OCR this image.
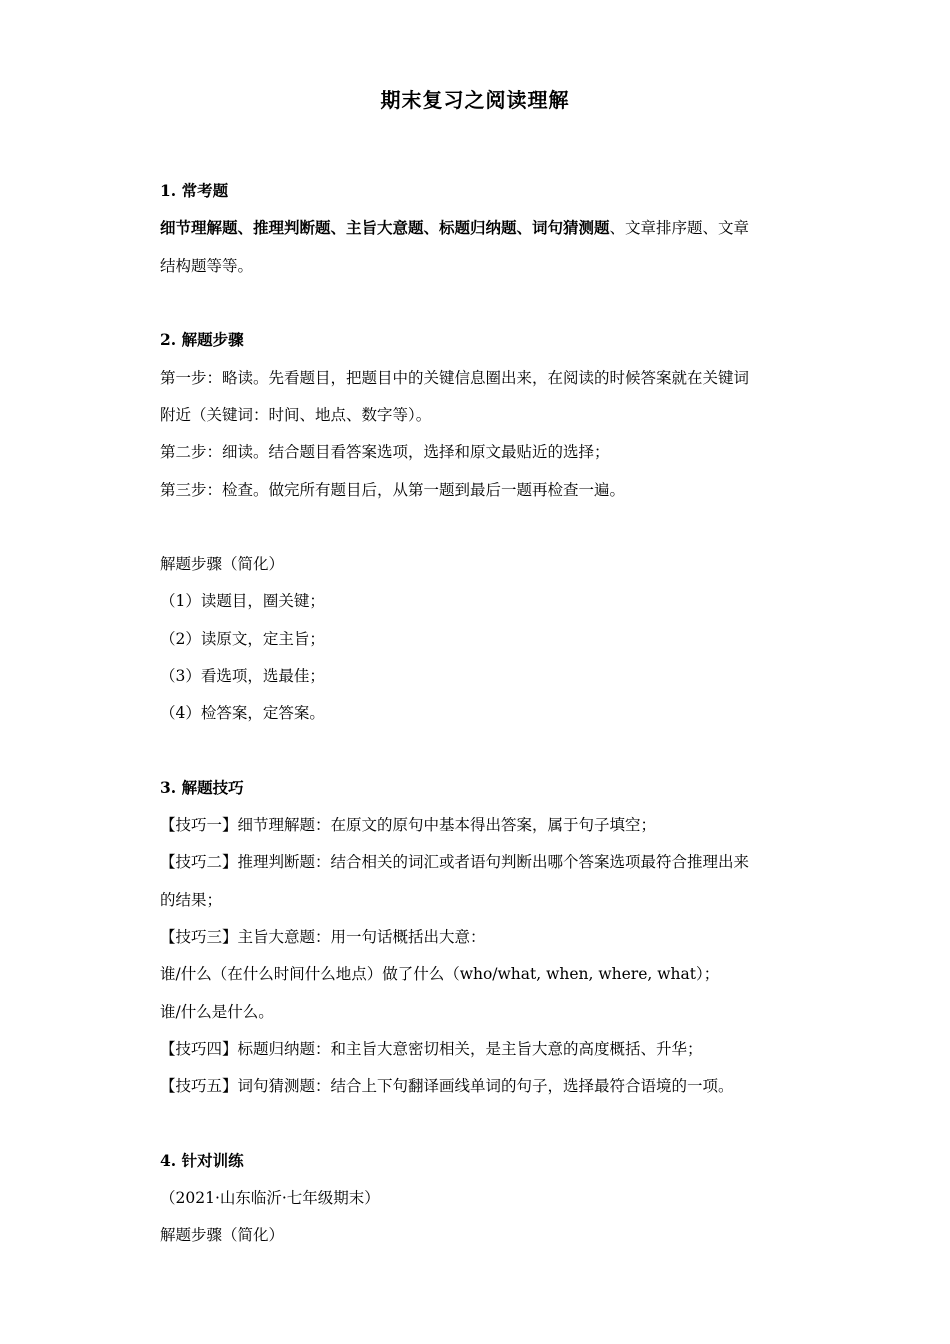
期末复习之阅读理解
1. 常考题
细节理解题、推理判断题、主旨大意题、标题归纳题、词句猜测题、文章排序题、文章
结构题等等。
2. 解题步骤
第一步：略读。先看题目，把题目中的关键信息圈出来，在阅读的时候答案就在关键词
附近（关键词：时间、地点、数字等）。
第二步：细读。结合题目看答案选项，选择和原文最贴近的选择；
第三步：检查。做完所有题目后，从第一题到最后一题再检查一遍。
解题步骤（简化）
（1）读题目，圈关键；
（2）读原文，定主旨；
（3）看选项，选最佳；
（4）检答案，定答案。
3. 解题技巧
【技巧一】细节理解题：在原文的原句中基本得出答案，属于句子填空；
【技巧二】推理判断题：结合相关的词汇或者语句判断出哪个答案选项最符合推理出来
的结果；
【技巧三】主旨大意题：用一句话概括出大意：
谁/什么（在什么时间什么地点）做了什么（who/what, when, where, what）；
谁/什么是什么。
【技巧四】标题归纳题：和主旨大意密切相关，是主旨大意的高度概括、升华；
【技巧五】词句猜测题：结合上下句翻译画线单词的句子，选择最符合语境的一项。
4. 针对训练
（2021·山东临沂·七年级期末）
解题步骤（简化）
